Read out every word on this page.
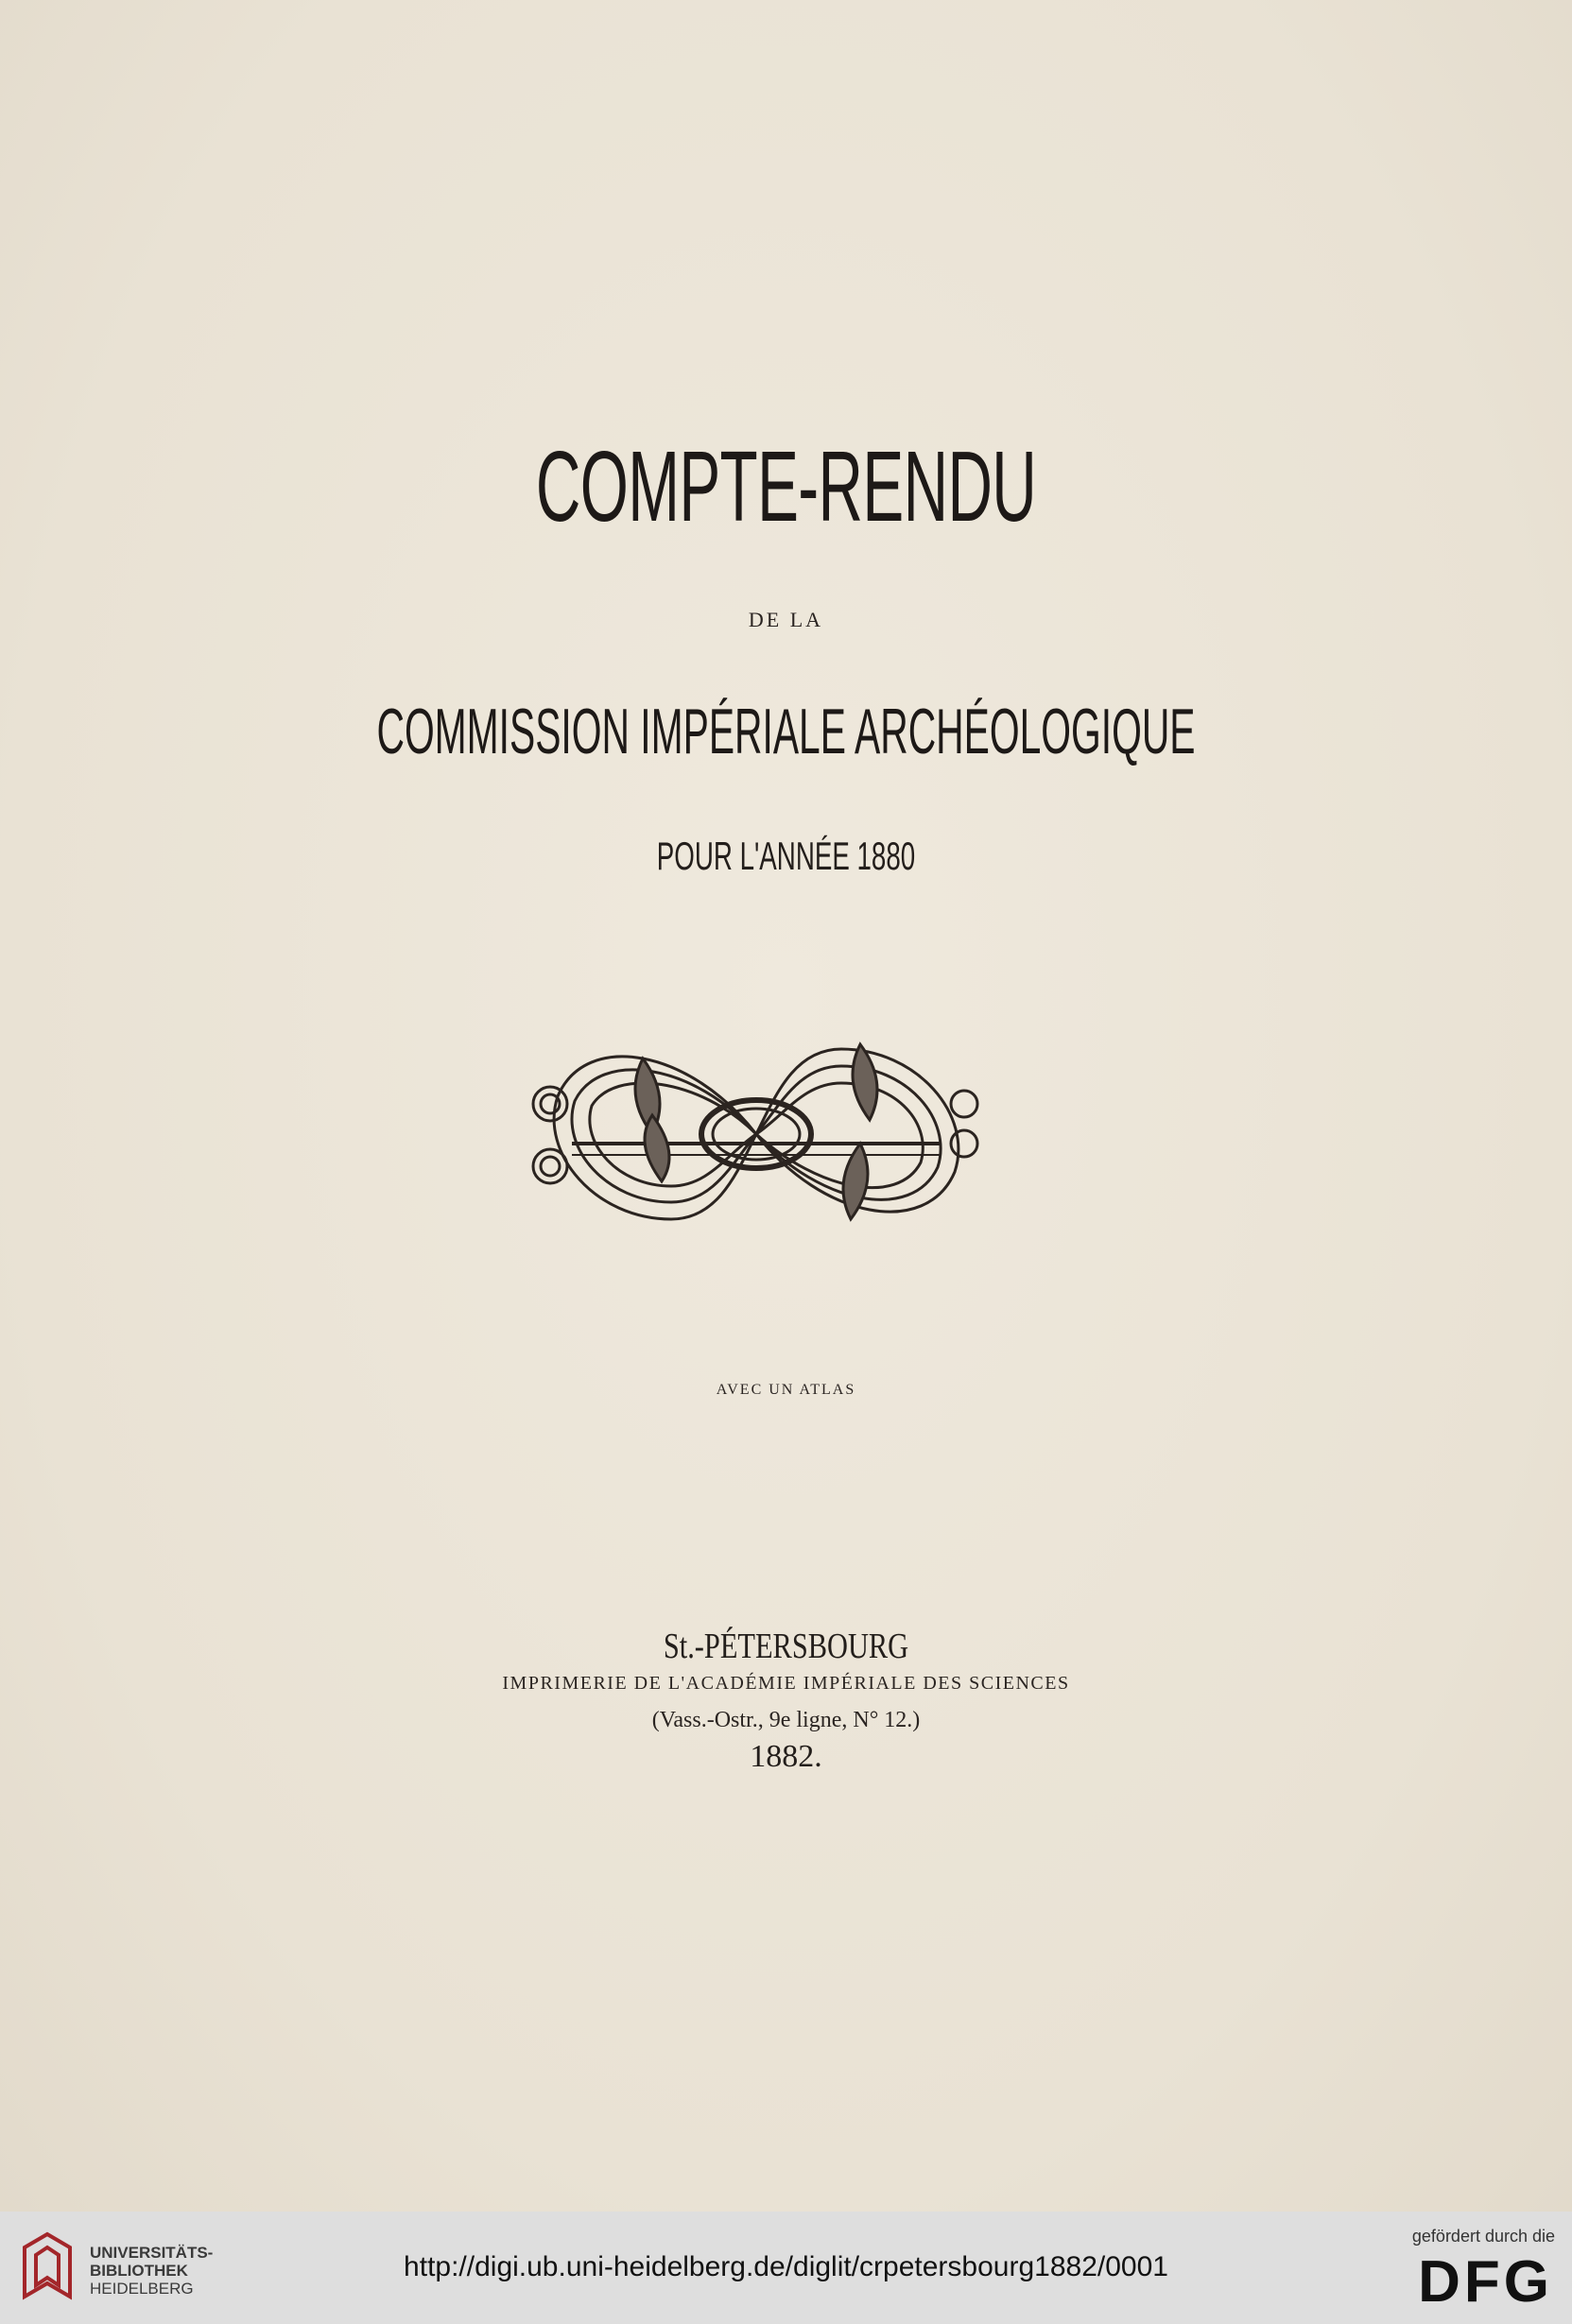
COMPTE-RENDU
DE LA
COMMISSION IMPÉRIALE ARCHÉOLOGIQUE
POUR L'ANNÉE 1880
AVEC UN ATLAS
St.-PÉTERSBOURG
IMPRIMERIE DE L'ACADÉMIE IMPÉRIALE DES SCIENCES
(Vass.-Ostr., 9e ligne, N° 12.)
1882.
UNIVERSITÄTS-
BIBLIOTHEK
HEIDELBERG
http://digi.ub.uni-heidelberg.de/diglit/crpetersbourg1882/0001
gefördert durch die
DFG
